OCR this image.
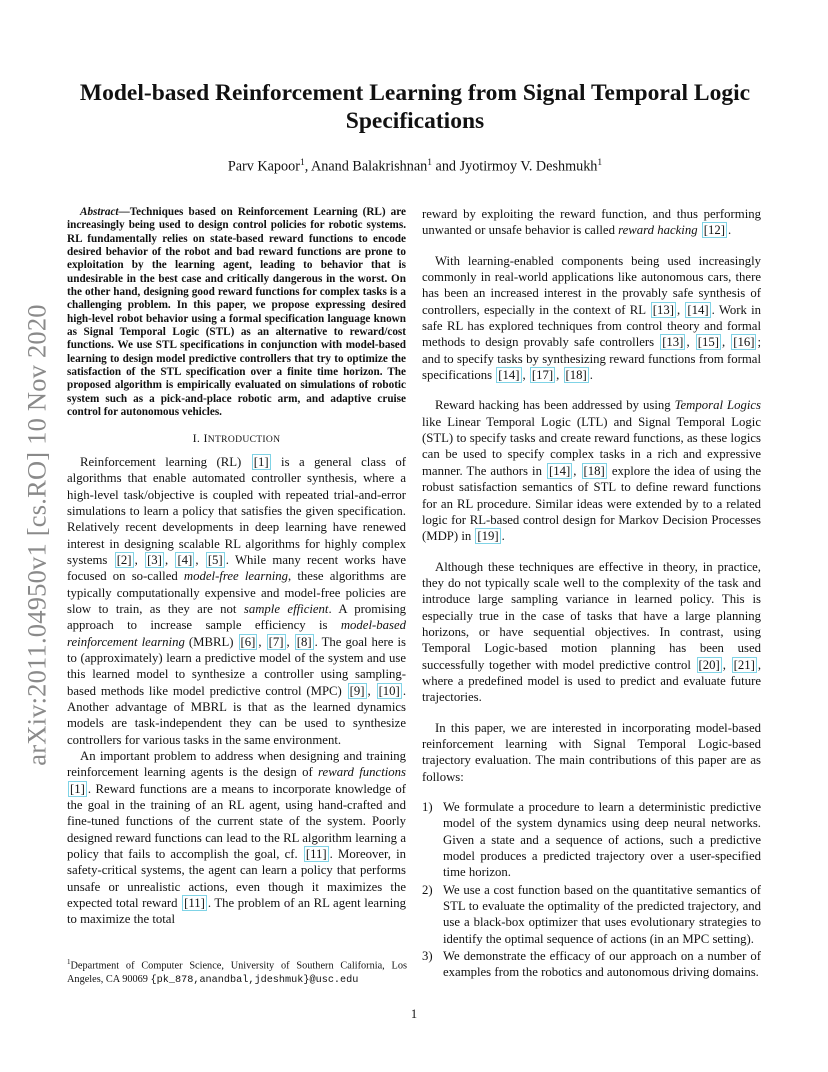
arXiv:2011.04950v1 [cs.RO] 10 Nov 2020
Model-based Reinforcement Learning from Signal Temporal Logic Specifications
Parv Kapoor$^1$, Anand Balakrishnan$^1$ and Jyotirmoy V. Deshmukh$^1$

Abstract—Techniques based on Reinforcement Learning (RL) are increasingly being used to design control policies for robotic systems. RL fundamentally relies on state-based reward functions to encode desired behavior of the robot and bad reward functions are prone to exploitation by the learning agent, leading to behavior that is undesirable in the best case and critically dangerous in the worst. On the other hand, designing good reward functions for complex tasks is a challenging problem. In this paper, we propose expressing desired high-level robot behavior using a formal specification language known as Signal Temporal Logic (STL) as an alternative to reward/cost functions. We use STL specifications in conjunction with model-based learning to design model predictive controllers that try to optimize the satisfaction of the STL specification over a finite time horizon. The proposed algorithm is empirically evaluated on simulations of robotic system such as a pick-and-place robotic arm, and adaptive cruise control for autonomous vehicles.

I. INTRODUCTION

Reinforcement learning (RL) [1] is a general class of algorithms that enable automated controller synthesis, where a high-level task/objective is coupled with repeated trial-and-error simulations to learn a policy that satisfies the given specification. Relatively recent developments in deep learning have renewed interest in designing scalable RL algorithms for highly complex systems [2] , [3] , [4] , [5] . While many recent works have focused on so-called model-free learning, these algorithms are typically computationally expensive and model-free policies are slow to train, as they are not sample efficient. A promising approach to increase sample efficiency is model-based reinforcement learning (MBRL) [6] , [7] , [8] . The goal here is to (approximately) learn a predictive model of the system and use this learned model to synthesize a controller using sampling-based methods like model predictive control (MPC) [9] , [10] . Another advantage of MBRL is that as the learned dynamics models are task-independent they can be used to synthesize controllers for various tasks in the same environment.

An important problem to address when designing and training reinforcement learning agents is the design of reward functions [1] . Reward functions are a means to incorporate knowledge of the goal in the training of an RL agent, using hand-crafted and fine-tuned functions of the current state of the system. Poorly designed reward functions can lead to the RL algorithm learning a policy that fails to accomplish the goal, cf. [11] . Moreover, in safety-critical systems, the agent can learn a policy that performs unsafe or unrealistic actions, even though it maximizes the expected total reward [11] . The problem of an RL agent learning to maximize the total

$^1$Department of Computer Science, University of Southern California, Los Angeles, CA 90069 {pk_878,anandbal,jdeshmuk}@usc.edu

reward by exploiting the reward function, and thus performing unwanted or unsafe behavior is called reward hacking [12] .

With learning-enabled components being used increasingly commonly in real-world applications like autonomous cars, there has been an increased interest in the provably safe synthesis of controllers, especially in the context of RL [13] , [14] . Work in safe RL has explored techniques from control theory and formal methods to design provably safe controllers [13] , [15] , [16] ; and to specify tasks by synthesizing reward functions from formal specifications [14] , [17] , [18] .

Reward hacking has been addressed by using Temporal Logics like Linear Temporal Logic (LTL) and Signal Temporal Logic (STL) to specify tasks and create reward functions, as these logics can be used to specify complex tasks in a rich and expressive manner. The authors in [14] , [18] explore the idea of using the robust satisfaction semantics of STL to define reward functions for an RL procedure. Similar ideas were extended by to a related logic for RL-based control design for Markov Decision Processes (MDP) in [19] .

Although these techniques are effective in theory, in practice, they do not typically scale well to the complexity of the task and introduce large sampling variance in learned policy. This is especially true in the case of tasks that have a large planning horizons, or have sequential objectives. In contrast, using Temporal Logic-based motion planning has been used successfully together with model predictive control [20] , [21] , where a predefined model is used to predict and evaluate future trajectories.

In this paper, we are interested in incorporating model-based reinforcement learning with Signal Temporal Logic-based trajectory evaluation. The main contributions of this paper are as follows:

1) We formulate a procedure to learn a deterministic predictive model of the system dynamics using deep neural networks. Given a state and a sequence of actions, such a predictive model produces a predicted trajectory over a user-specified time horizon.
2) We use a cost function based on the quantitative semantics of STL to evaluate the optimality of the predicted trajectory, and use a black-box optimizer that uses evolutionary strategies to identify the optimal sequence of actions (in an MPC setting).
3) We demonstrate the efficacy of our approach on a number of examples from the robotics and autonomous driving domains.
1
